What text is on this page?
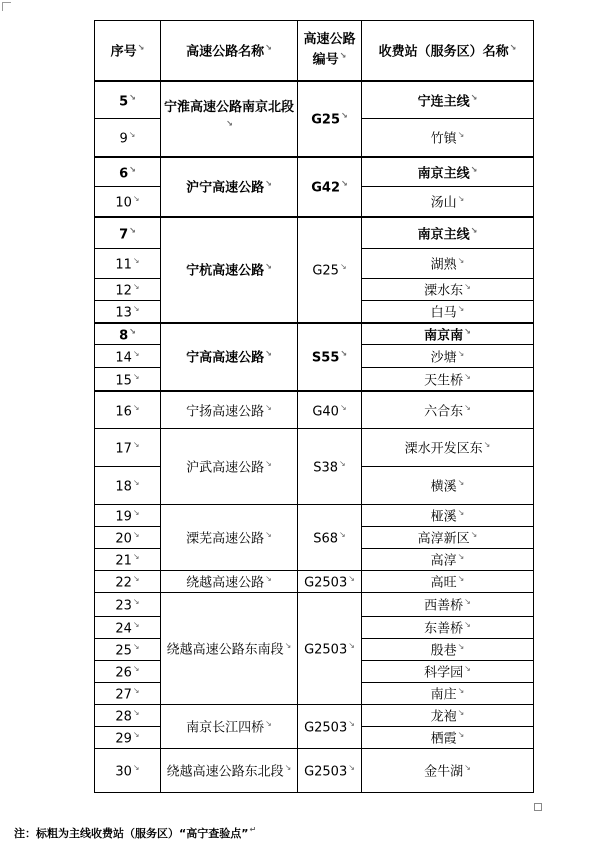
序号↘	高速公路名称↘	高速公路编号↘	收费站（服务区）名称↘
5↘	宁淮高速公路南京北段↘	G25↘	宁连主线↘
9↘			竹镇↘
6↘	沪宁高速公路↘	G42↘	南京主线↘
10↘			汤山↘
7↘	宁杭高速公路↘	G25↘	南京主线↘
11↘			湖熟↘
12↘			溧水东↘
13↘			白马↘
8↘	宁高高速公路↘	S55↘	南京南↘
14↘			沙塘↘
15↘			天生桥↘
16↘	宁扬高速公路↘	G40↘	六合东↘
17↘	沪武高速公路↘	S38↘	溧水开发区东↘
18↘			横溪↘
19↘	溧芜高速公路↘	S68↘	桠溪↘
20↘			高淳新区↘
21↘			高淳↘
22↘	绕越高速公路↘	G2503↘	高旺↘
23↘	绕越高速公路东南段↘	G2503↘	西善桥↘
24↘			东善桥↘
25↘			殷巷↘
26↘			科学园↘
27↘			南庄↘
28↘	南京长江四桥↘	G2503↘	龙袍↘
29↘			栖霞↘
30↘	绕越高速公路东北段↘	G2503↘	金牛湖↘
注：标粗为主线收费站（服务区）“高宁查验点”↵
